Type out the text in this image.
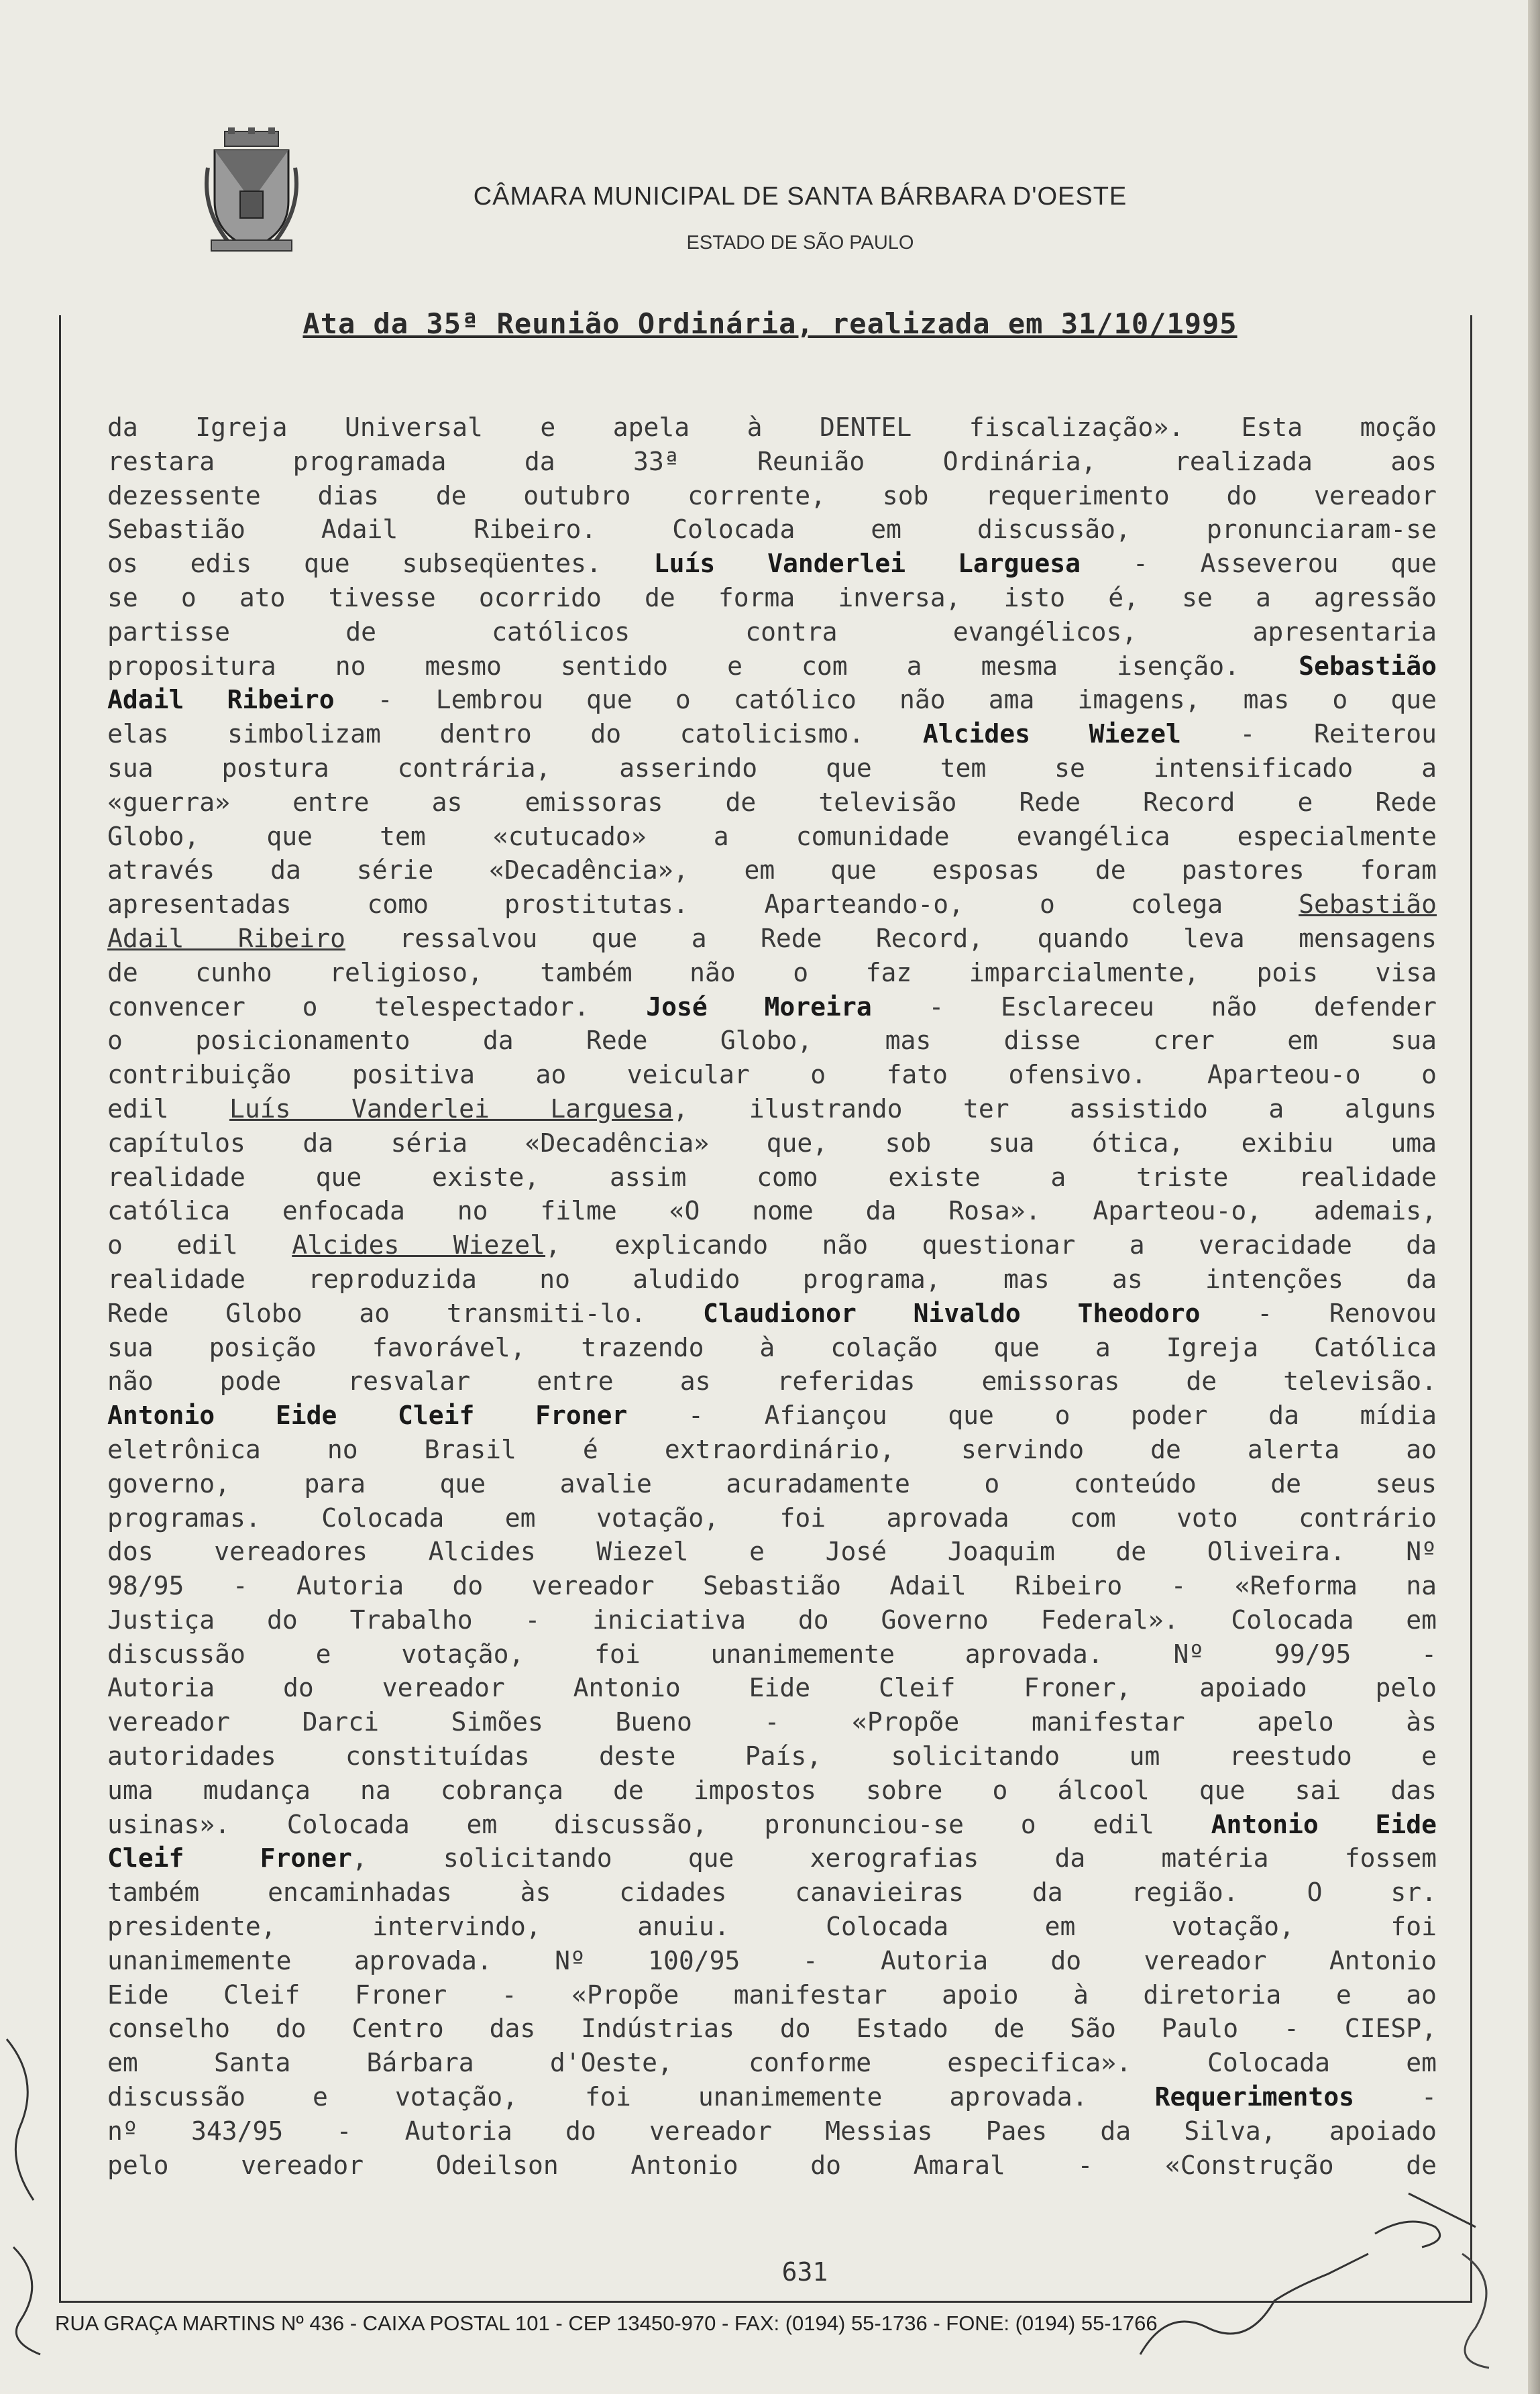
CÂMARA MUNICIPAL DE SANTA BÁRBARA D'OESTE
ESTADO DE SÃO PAULO
Ata da 35ª Reunião Ordinária, realizada em 31/10/1995
da Igreja Universal e apela à DENTEL fiscalização». Esta moção
restara programada da 33ª Reunião Ordinária, realizada aos
dezessente dias de outubro corrente, sob requerimento do vereador
Sebastião Adail Ribeiro. Colocada em discussão, pronunciaram-se
os edis que subseqüentes. Luís Vanderlei Larguesa - Asseverou que
se o ato tivesse ocorrido de forma inversa, isto é, se a agressão
partisse de católicos contra evangélicos, apresentaria
propositura no mesmo sentido e com a mesma isenção. Sebastião
Adail Ribeiro - Lembrou que o católico não ama imagens, mas o que
elas simbolizam dentro do catolicismo. Alcides Wiezel - Reiterou
sua postura contrária, asserindo que tem se intensificado a
«guerra» entre as emissoras de televisão Rede Record e Rede
Globo, que tem «cutucado» a comunidade evangélica especialmente
através da série «Decadência», em que esposas de pastores foram
apresentadas como prostitutas. Aparteando-o, o colega Sebastião
Adail Ribeiro ressalvou que a Rede Record, quando leva mensagens
de cunho religioso, também não o faz imparcialmente, pois visa
convencer o telespectador. José Moreira - Esclareceu não defender
o posicionamento da Rede Globo, mas disse crer em sua
contribuição positiva ao veicular o fato ofensivo. Aparteou-o o
edil Luís Vanderlei Larguesa, ilustrando ter assistido a alguns
capítulos da séria «Decadência» que, sob sua ótica, exibiu uma
realidade que existe, assim como existe a triste realidade
católica enfocada no filme «O nome da Rosa». Aparteou-o, ademais,
o edil Alcides Wiezel, explicando não questionar a veracidade da
realidade reproduzida no aludido programa, mas as intenções da
Rede Globo ao transmiti-lo. Claudionor Nivaldo Theodoro - Renovou
sua posição favorável, trazendo à colação que a Igreja Católica
não pode resvalar entre as referidas emissoras de televisão.
Antonio Eide Cleif Froner - Afiançou que o poder da mídia
eletrônica no Brasil é extraordinário, servindo de alerta ao
governo, para que avalie acuradamente o conteúdo de seus
programas. Colocada em votação, foi aprovada com voto contrário
dos vereadores Alcides Wiezel e José Joaquim de Oliveira. Nº
98/95 - Autoria do vereador Sebastião Adail Ribeiro - «Reforma na
Justiça do Trabalho - iniciativa do Governo Federal». Colocada em
discussão e votação, foi unanimemente aprovada. Nº 99/95 -
Autoria do vereador Antonio Eide Cleif Froner, apoiado pelo
vereador Darci Simões Bueno - «Propõe manifestar apelo às
autoridades constituídas deste País, solicitando um reestudo e
uma mudança na cobrança de impostos sobre o álcool que sai das
usinas». Colocada em discussão, pronunciou-se o edil Antonio Eide
Cleif Froner, solicitando que xerografias da matéria fossem
também encaminhadas às cidades canavieiras da região. O sr.
presidente, intervindo, anuiu. Colocada em votação, foi
unanimemente aprovada. Nº 100/95 - Autoria do vereador Antonio
Eide Cleif Froner - «Propõe manifestar apoio à diretoria e ao
conselho do Centro das Indústrias do Estado de São Paulo - CIESP,
em Santa Bárbara d'Oeste, conforme especifica». Colocada em
discussão e votação, foi unanimemente aprovada. Requerimentos -
nº 343/95 - Autoria do vereador Messias Paes da Silva, apoiado
pelo vereador Odeilson Antonio do Amaral - «Construção de
631
RUA GRAÇA MARTINS Nº 436 - CAIXA POSTAL 101 - CEP 13450-970 - FAX: (0194) 55-1736 - FONE: (0194) 55-1766
